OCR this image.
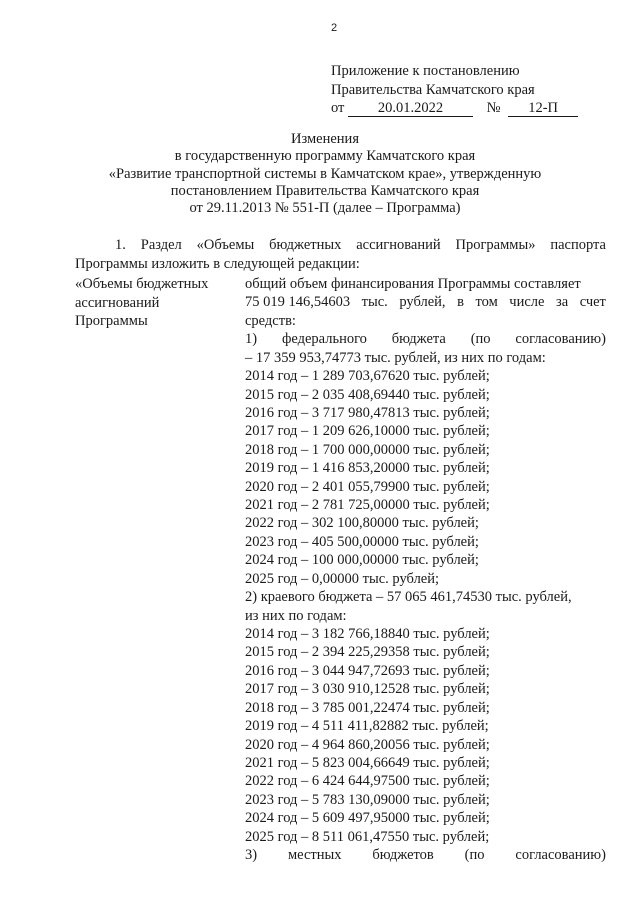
2
Приложение к постановлению
Правительства Камчатского края
от 20.01.2022	№ 12-П
Изменения
в государственную программу Камчатского края
«Развитие транспортной системы в Камчатском крае», утвержденную
постановлением Правительства Камчатского края
от 29.11.2013 № 551-П (далее – Программа)
1. Раздел «Объемы бюджетных ассигнований Программы» паспорта
Программы изложить в следующей редакции:
«Объемы бюджетных
ассигнований
Программы
общий объем финансирования Программы составляет
75 019 146,54603 тыс. рублей, в том числе за счет
средств:
1) федерального бюджета (по согласованию)
– 17 359 953,74773 тыс. рублей, из них по годам:
2014 год – 1 289 703,67620 тыс. рублей;
2015 год – 2 035 408,69440 тыс. рублей;
2016 год – 3 717 980,47813 тыс. рублей;
2017 год – 1 209 626,10000 тыс. рублей;
2018 год – 1 700 000,00000 тыс. рублей;
2019 год – 1 416 853,20000 тыс. рублей;
2020 год – 2 401 055,79900 тыс. рублей;
2021 год – 2 781 725,00000 тыс. рублей;
2022 год – 302 100,80000 тыс. рублей;
2023 год – 405 500,00000 тыс. рублей;
2024 год – 100 000,00000 тыс. рублей;
2025 год – 0,00000 тыс. рублей;
2) краевого бюджета – 57 065 461,74530 тыс. рублей,
из них по годам:
2014 год – 3 182 766,18840 тыс. рублей;
2015 год – 2 394 225,29358 тыс. рублей;
2016 год – 3 044 947,72693 тыс. рублей;
2017 год – 3 030 910,12528 тыс. рублей;
2018 год – 3 785 001,22474 тыс. рублей;
2019 год – 4 511 411,82882 тыс. рублей;
2020 год – 4 964 860,20056 тыс. рублей;
2021 год – 5 823 004,66649 тыс. рублей;
2022 год – 6 424 644,97500 тыс. рублей;
2023 год – 5 783 130,09000 тыс. рублей;
2024 год – 5 609 497,95000 тыс. рублей;
2025 год – 8 511 061,47550 тыс. рублей;
3) местных бюджетов (по согласованию)
